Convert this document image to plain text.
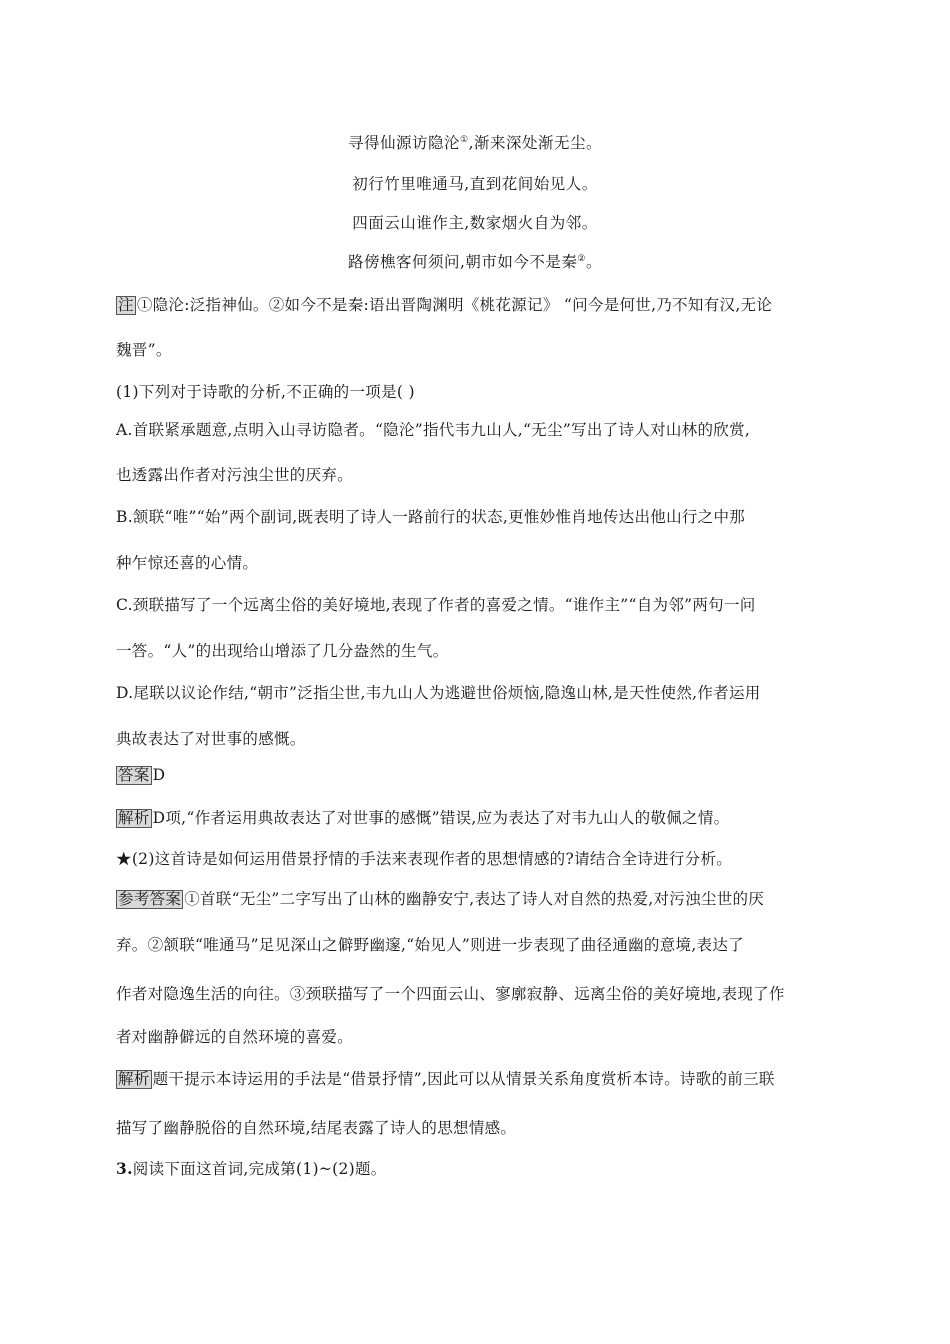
寻得仙源访隐沦①,渐来深处渐无尘。
初行竹里唯通马,直到花间始见人。
四面云山谁作主,数家烟火自为邻。
路傍樵客何须问,朝市如今不是秦②。
注 ①隐沦:泛指神仙。②如今不是秦:语出晋陶渊明《桃花源记》 “问今是何世,乃不知有汉,无论
魏晋”。
(1)下列对于诗歌的分析,不正确的一项是( )
A.首联紧承题意,点明入山寻访隐者。“隐沦”指代韦九山人,“无尘”写出了诗人对山林的欣赏,
也透露出作者对污浊尘世的厌弃。
B.颔联“唯”“始”两个副词,既表明了诗人一路前行的状态,更惟妙惟肖地传达出他山行之中那
种乍惊还喜的心情。
C.颈联描写了一个远离尘俗的美好境地,表现了作者的喜爱之情。“谁作主”“自为邻”两句一问
一答。“人”的出现给山增添了几分盎然的生气。
D.尾联以议论作结,“朝市”泛指尘世,韦九山人为逃避世俗烦恼,隐逸山林,是天性使然,作者运用
典故表达了对世事的感慨。
答案 D
解析 D项,“作者运用典故表达了对世事的感慨”错误,应为表达了对韦九山人的敬佩之情。
★(2)这首诗是如何运用借景抒情的手法来表现作者的思想情感的?请结合全诗进行分析。
参考答案 ①首联“无尘”二字写出了山林的幽静安宁,表达了诗人对自然的热爱,对污浊尘世的厌
弃。②颔联“唯通马”足见深山之僻野幽邃,“始见人”则进一步表现了曲径通幽的意境,表达了
作者对隐逸生活的向往。③颈联描写了一个四面云山、寥廓寂静、远离尘俗的美好境地,表现了作
者对幽静僻远的自然环境的喜爱。
解析 题干提示本诗运用的手法是“借景抒情”,因此可以从情景关系角度赏析本诗。诗歌的前三联
描写了幽静脱俗的自然环境,结尾表露了诗人的思想情感。
3.阅读下面这首词,完成第(1)~(2)题。
